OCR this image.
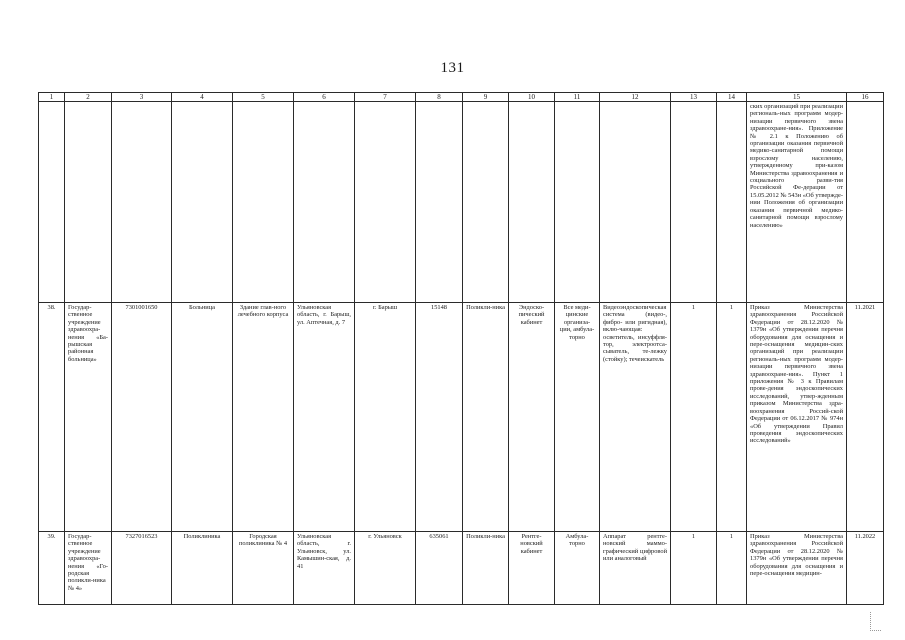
131
1	2	3	4	5	6	7	8	9	10	11	12	13	14	15	16
														ских организаций при реализации региональ-ных программ модер-низации первичного звена здравоохране-ния». Приложение № 2.1 к Положению об организации оказания первичной медико-санитарной помощи взрослому населению, утвержденному при-казом Министерства здравоохранения и социального разви-тия Российской Фе-дерации от 15.05.2012 № 543н «Об утвержде-нии Положения об организации оказания первичной медико-санитарной помощи взрослому населению»	
38.	Государ-ственное учреждение здравоохра-нения «Ба-рышская районная больница»	7301001650	Больница	Здание глав-ного лечебного корпуса	Ульяновская область, г. Барыш, ул. Аптечная, д. 7	г. Барыш	15148	Поликли-ника	Эндоско-пический кабинет	Все меди-цинские организа-ции, амбула-торно	Видеоэндоскопическая система (видео-, фибро- или ригидная), вклю-чающая: осветитель, инсуффля-тор, электроотса-сыватель, те-лежку (стойку); течеискатель	1	1	Приказ Министерства здравоохранения Российской Федерации от 28.12.2020 № 1379н «Об утверждении перечня оборудования для оснащения и пере-оснащения медицин-ских организаций при реализации региональ-ных программ модер-низации первичного звена здравоохране-ния». Пункт 1 приложения № 3 к Правилам прове-дения эндоскопических исследований, утвер-жденным приказом Министерства здра-воохранения Россий-ской Федерации от 06.12.2017 № 974н «Об утверждении Правил проведения эндоскопических исследований»	11.2021
39.	Государ-ственное учреждение здравоохра-нения «Го-родская поликли-ника № 4»	7327016523	Поликлиника	Городская поликлиника № 4	Ульяновская область, г. Ульяновск, ул. Камышин-ская, д. 41	г. Ульяновск	635061	Поликли-ника	Рентге-новский кабинет	Амбула-торно	Аппарат рентге-новский маммо-графический цифровой или аналоговый	1	1	Приказ Министерства здравоохранения Российской Федерации от 28.12.2020 № 1379н «Об утверждении перечня оборудования для оснащения и пере-оснащения медицин-	11.2022
